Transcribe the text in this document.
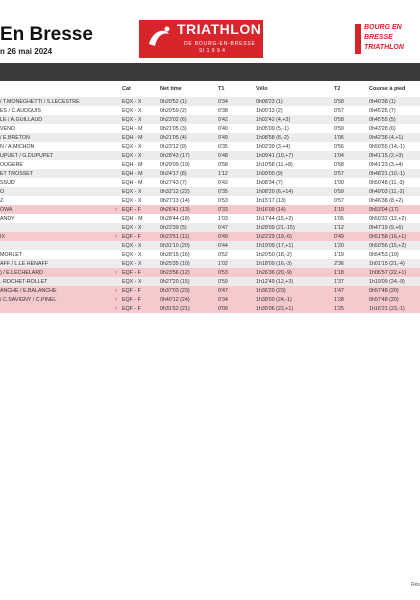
En Bresse
n 26 mai 2024
TRIATHLON
DE BOURG-EN-BRESSE
SI 1 9 9 4
BOURG EN
BRESSE
TRIATHLON
Cat	Net time	T1	Vélo	T2	Course à pied
/ T.MONEGHETTI / S.LECESTRE	EQX - X	0h20'52 (1)	0'34	0h08'23 (1)	0'58	0h40'38 (1)
ES / C.AUDGUIS	EQX - X	0h20'59 (2)	0'38	1h00'13 (2)	0'57	0h45'25 (7)
LE / A.GUILLAUD	EQX - X	0h23'02 (6)	0'42	1h02'42 (4,+3)	0'58	0h45'55 (5)
VENO	EQH - M	0h21'05 (3)	0'40	1h05'09 (5,-1)	0'59	0h43'28 (6)
/ E.BRETON	EQH - M	0h21'05 (4)	0'49	1h08'58 (8,-2)	1'06	0h42'36 (4,+1)
N / A.MICHON	EQX - X	0h23'12 (9)	0'35	1h02'39 (3,+4)	0'56	0h50'55 (14,-1)
UPUET / G.DUPUPET	EQX - X	0h28'43 (17)	0'48	1h09'41 (10,+7)	1'04	0h41'15 (2,+3)
OUGERE	EQH - M	0h29'09 (19)	0'58	1h10'58 (11,+8)	0'58	0h41'23 (3,+4)
ET TROSSET	EQH - M	0h24'17 (8)	1'12	1h09'00 (9)	0'57	0h48'21 (10,-1)
SSUD	EQH - M	0h27'43 (7)	0'42	1h08'34 (7)	1'00	0h50'48 (11,-3)
O	EQX - X	0h32'12 (22)	0'35	1h08'20 (6,+14)	0'59	0h49'03 (11,-2)
Z	EQX - X	0h27'13 (14)	0'53	1h15'17 (13)	0'57	0h46'38 (8,+2)
OWA	♀ EQF - F	0h26'41 (13)	0'33	1h16'09 (14)	1'10	0h53'04 (17)
ANDY	EQH - M	0h28'44 (18)	1'03	1h17'44 (15,+2)	1'05	0h50'32 (12,+2)
EQX - X	0h22'39 (5)	0'47	1h28'09 (21,-15)	1'12	0h47'19 (9,+6)
IX	♀ EQF - F	0h23'51 (11)	0'49	1h22'29 (19,-6)	0'49	0h51'58 (16,+1)
EQX - X	0h31'10 (20)	0'44	1h19'09 (17,+1)	1'20	0h50'56 (15,+2)
MORLET	EQX - X	0h28'15 (16)	0'52	1h20'50 (18,-2)	1'19	0h54'53 (19)
AFF / L.LE HENAFF	EQX - X	0h25'35 (10)	1'02	1h18'09 (16,-3)	2'36	1h01'15 (21,-4)
) / E.LECHELARD	♀ EQF - F	0h23'56 (12)	0'53	1h26'36 (20,-9)	1'18	1h06'57 (22,+1)
. ROCHET-ROLLET	EQX - X	0h27'20 (15)	0'59	1h12'49 (12,+3)	1'37	1h19'09 (24,-9)
ANCHE / E.BALANCHE	♀ EQF - F	0h37'03 (23)	0'47	1h36'20 (23)	1'47	0h57'48 (20)
/ C.SAVIGNY / C.PINEL	♀ EQF - F	0h40'12 (24)	0'34	1h38'00 (24,-1)	1'28	0h57'48 (20)
♀ EQF - F	0h31'52 (21)	0'09	1h35'06 (22,+1)	1'25	1h16'21 (23,-1)
Rés
